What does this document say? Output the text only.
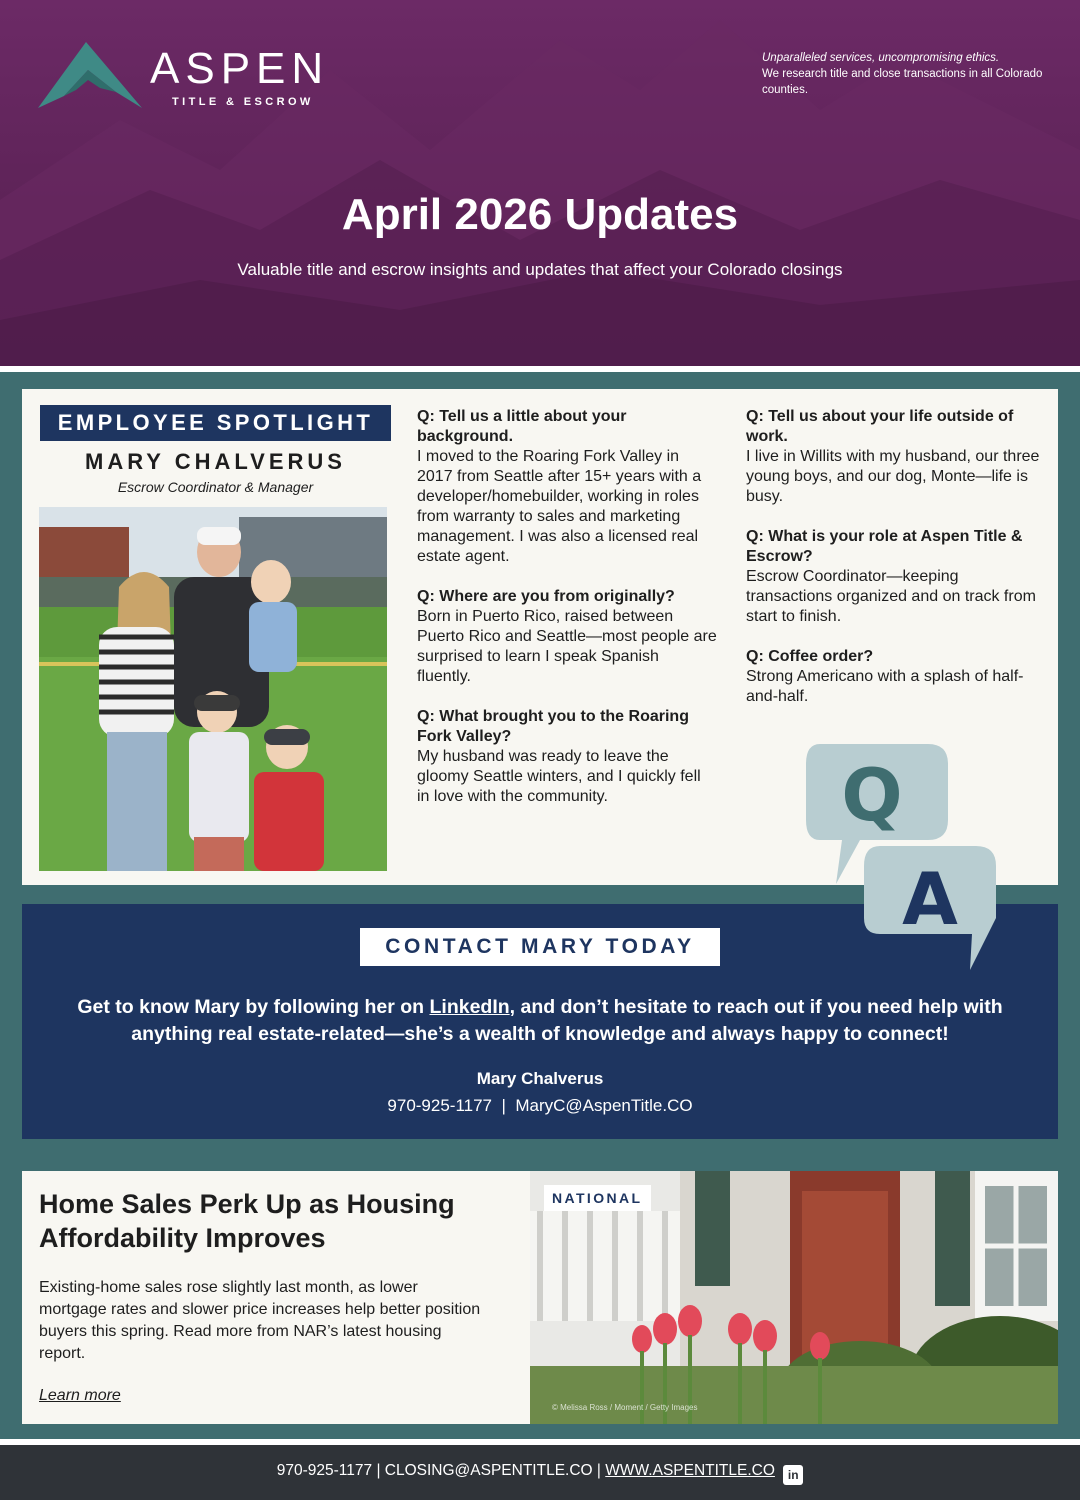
ASPEN
TITLE & ESCROW
Unparalleled services, uncompromising ethics.
We research title and close transactions in all Colorado counties.
April 2026 Updates
Valuable title and escrow insights and updates that affect your Colorado closings
EMPLOYEE SPOTLIGHT
MARY CHALVERUS
Escrow Coordinator & Manager
Q: Tell us a little about your background.
I moved to the Roaring Fork Valley in 2017 from Seattle after 15+ years with a developer/homebuilder, working in roles from warranty to sales and marketing management. I was also a licensed real estate agent.
Q: Where are you from originally?
Born in Puerto Rico, raised between Puerto Rico and Seattle—most people are surprised to learn I speak Spanish fluently.
Q: What brought you to the Roaring Fork Valley?
My husband was ready to leave the gloomy Seattle winters, and I quickly fell in love with the community.
Q: Tell us about your life outside of work.
I live in Willits with my husband, our three young boys, and our dog, Monte—life is busy.
Q: What is your role at Aspen Title & Escrow?
Escrow Coordinator—keeping transactions organized and on track from start to finish.
Q: Coffee order?
Strong Americano with a splash of half-and-half.
CONTACT MARY TODAY
Get to know Mary by following her on LinkedIn, and don’t hesitate to reach out if you need help with anything real estate-related—she’s a wealth of knowledge and always happy to connect!
Mary Chalverus
970-925-1177 | MaryC@AspenTitle.CO
Q
A
Home Sales Perk Up as Housing Affordability Improves
Existing-home sales rose slightly last month, as lower mortgage rates and slower price increases help better position buyers this spring. Read more from NAR’s latest housing report.
Learn more
NATIONAL
© Melissa Ross / Moment / Getty Images
970-925-1177 | CLOSING@ASPENTITLE.CO | WWW.ASPENTITLE.CO in
